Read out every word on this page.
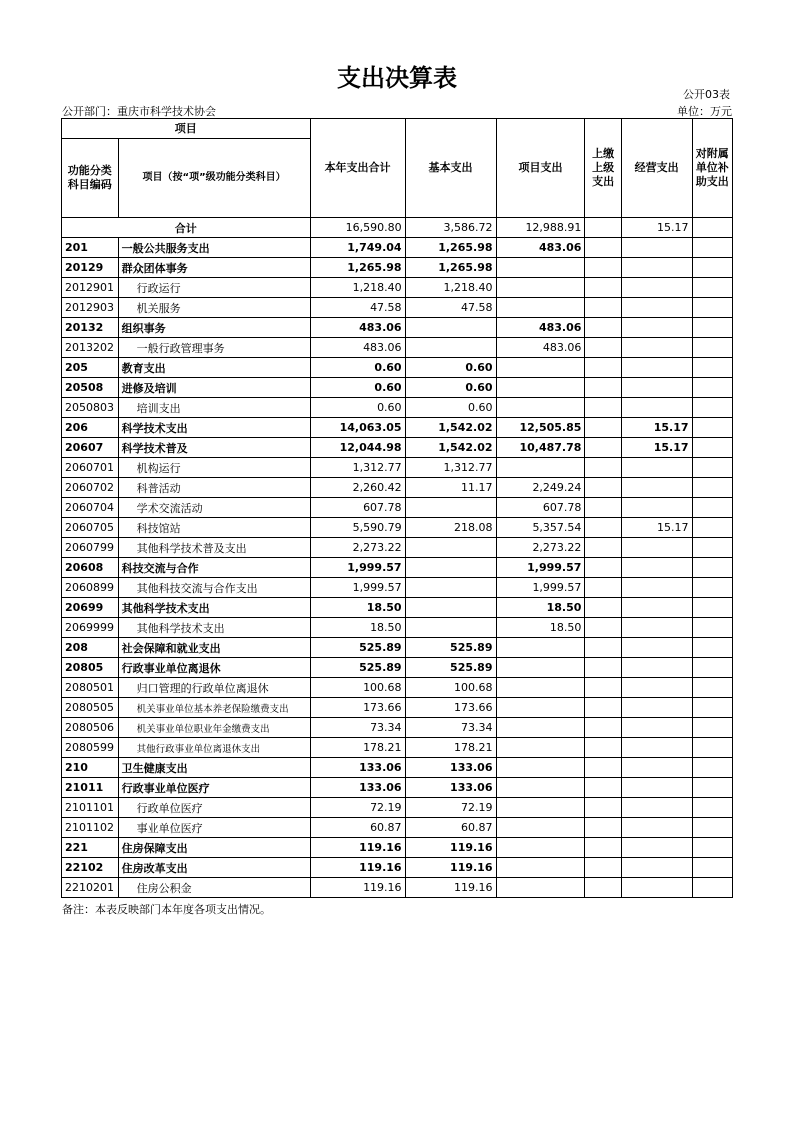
支出决算表
公开03表
公开部门：重庆市科学技术协会	单位：万元
项目		本年支出合计	基本支出	项目支出	上缴上级支出	经营支出	对附属单位补助支出
功能分类科目编码	项目（按“项”级功能分类科目）						
合计		16,590.80	3,586.72	12,988.91		15.17	
201	一般公共服务支出	1,749.04	1,265.98	483.06			
20129	群众团体事务	1,265.98	1,265.98				
2012901	行政运行	1,218.40	1,218.40				
2012903	机关服务	47.58	47.58				
20132	组织事务	483.06		483.06			
2013202	一般行政管理事务	483.06		483.06			
205	教育支出	0.60	0.60				
20508	进修及培训	0.60	0.60				
2050803	培训支出	0.60	0.60				
206	科学技术支出	14,063.05	1,542.02	12,505.85		15.17	
20607	科学技术普及	12,044.98	1,542.02	10,487.78		15.17	
2060701	机构运行	1,312.77	1,312.77				
2060702	科普活动	2,260.42	11.17	2,249.24			
2060704	学术交流活动	607.78		607.78			
2060705	科技馆站	5,590.79	218.08	5,357.54		15.17	
2060799	其他科学技术普及支出	2,273.22		2,273.22			
20608	科技交流与合作	1,999.57		1,999.57			
2060899	其他科技交流与合作支出	1,999.57		1,999.57			
20699	其他科学技术支出	18.50		18.50			
2069999	其他科学技术支出	18.50		18.50			
208	社会保障和就业支出	525.89	525.89				
20805	行政事业单位离退休	525.89	525.89				
2080501	归口管理的行政单位离退休	100.68	100.68				
2080505	机关事业单位基本养老保险缴费支出	173.66	173.66				
2080506	机关事业单位职业年金缴费支出	73.34	73.34				
2080599	其他行政事业单位离退休支出	178.21	178.21				
210	卫生健康支出	133.06	133.06				
21011	行政事业单位医疗	133.06	133.06				
2101101	行政单位医疗	72.19	72.19				
2101102	事业单位医疗	60.87	60.87				
221	住房保障支出	119.16	119.16				
22102	住房改革支出	119.16	119.16				
2210201	住房公积金	119.16	119.16				
备注：本表反映部门本年度各项支出情况。
